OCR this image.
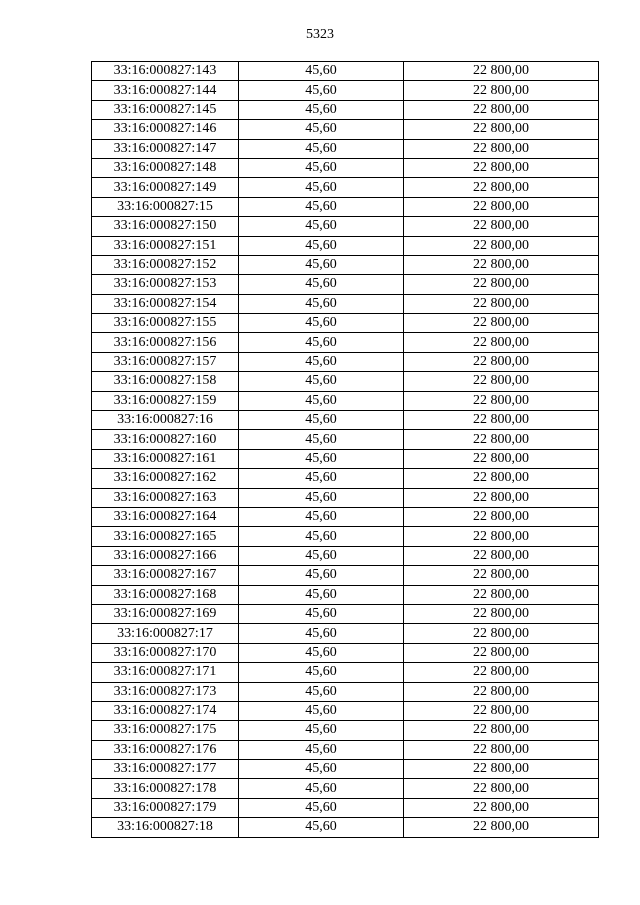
5323
33:16:000827:143	45,60	22 800,00
33:16:000827:144	45,60	22 800,00
33:16:000827:145	45,60	22 800,00
33:16:000827:146	45,60	22 800,00
33:16:000827:147	45,60	22 800,00
33:16:000827:148	45,60	22 800,00
33:16:000827:149	45,60	22 800,00
33:16:000827:15	45,60	22 800,00
33:16:000827:150	45,60	22 800,00
33:16:000827:151	45,60	22 800,00
33:16:000827:152	45,60	22 800,00
33:16:000827:153	45,60	22 800,00
33:16:000827:154	45,60	22 800,00
33:16:000827:155	45,60	22 800,00
33:16:000827:156	45,60	22 800,00
33:16:000827:157	45,60	22 800,00
33:16:000827:158	45,60	22 800,00
33:16:000827:159	45,60	22 800,00
33:16:000827:16	45,60	22 800,00
33:16:000827:160	45,60	22 800,00
33:16:000827:161	45,60	22 800,00
33:16:000827:162	45,60	22 800,00
33:16:000827:163	45,60	22 800,00
33:16:000827:164	45,60	22 800,00
33:16:000827:165	45,60	22 800,00
33:16:000827:166	45,60	22 800,00
33:16:000827:167	45,60	22 800,00
33:16:000827:168	45,60	22 800,00
33:16:000827:169	45,60	22 800,00
33:16:000827:17	45,60	22 800,00
33:16:000827:170	45,60	22 800,00
33:16:000827:171	45,60	22 800,00
33:16:000827:173	45,60	22 800,00
33:16:000827:174	45,60	22 800,00
33:16:000827:175	45,60	22 800,00
33:16:000827:176	45,60	22 800,00
33:16:000827:177	45,60	22 800,00
33:16:000827:178	45,60	22 800,00
33:16:000827:179	45,60	22 800,00
33:16:000827:18	45,60	22 800,00
